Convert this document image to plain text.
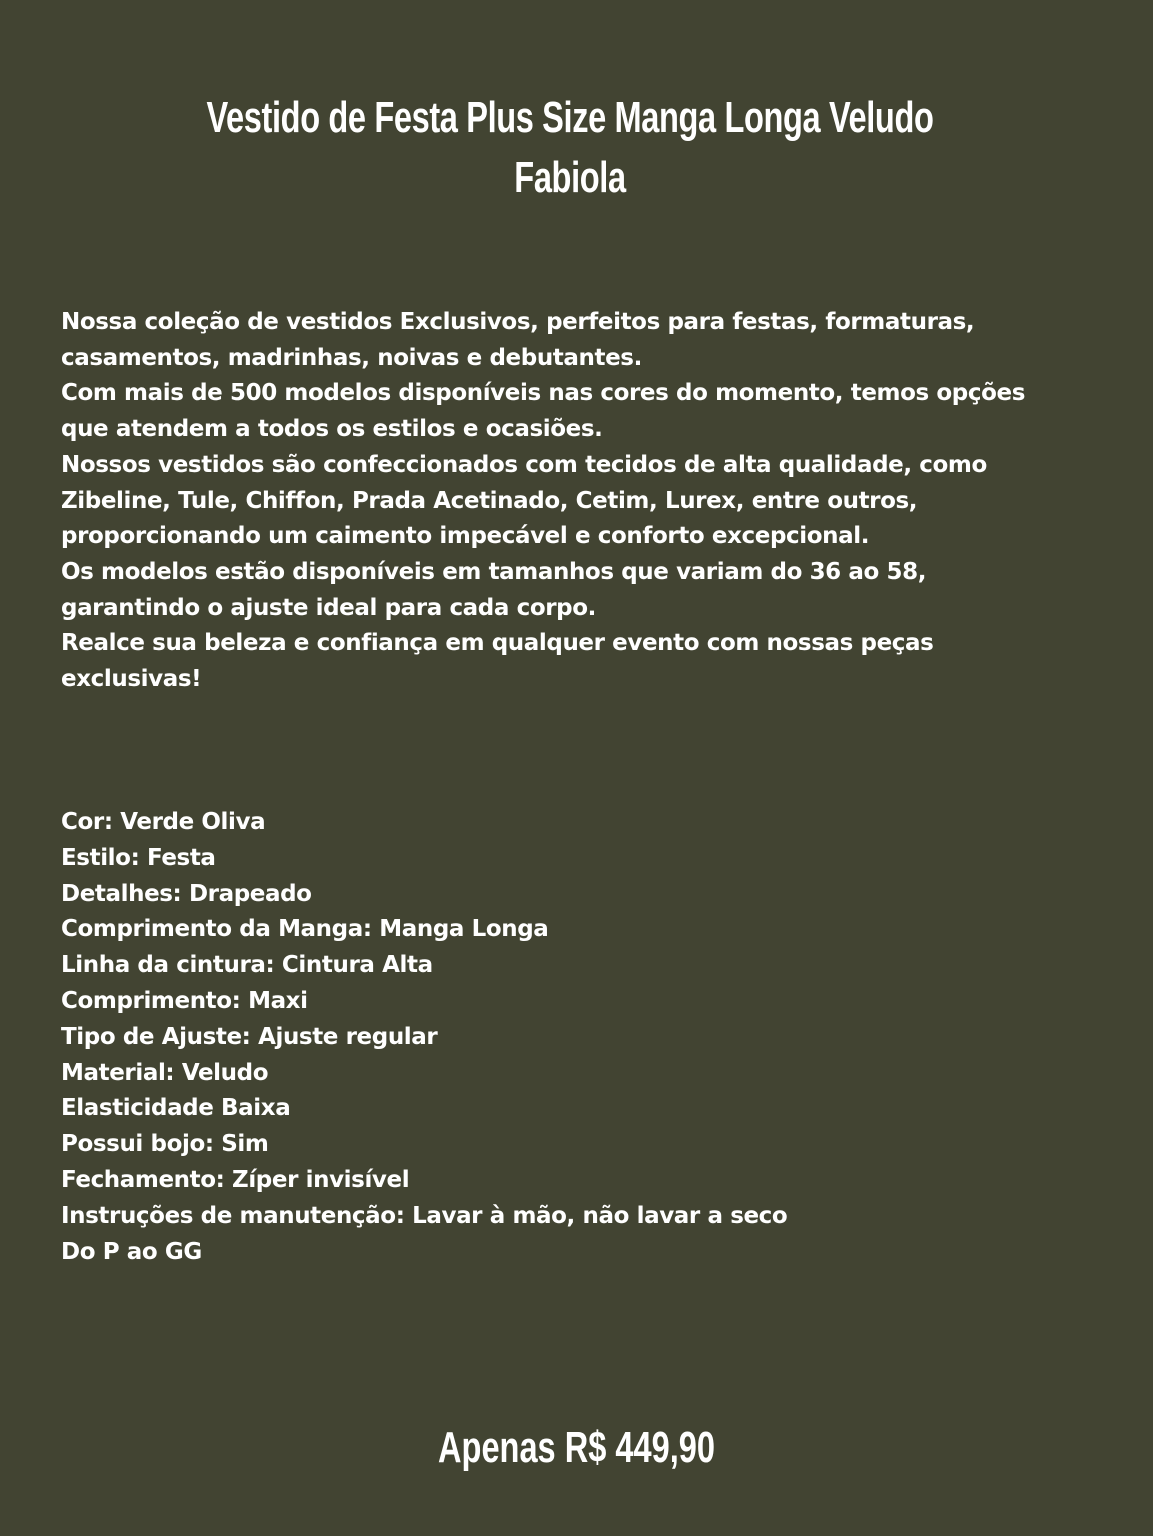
Vestido de Festa Plus Size Manga Longa Veludo Fabiola

Nossa coleção de vestidos Exclusivos, perfeitos para festas, formaturas, casamentos, madrinhas, noivas e debutantes.

Com mais de 500 modelos disponíveis nas cores do momento, temos opções que atendem a todos os estilos e ocasiões.

Nossos vestidos são confeccionados com tecidos de alta qualidade, como Zibeline, Tule, Chiffon, Prada Acetinado, Cetim, Lurex, entre outros, proporcionando um caimento impecável e conforto excepcional.

Os modelos estão disponíveis em tamanhos que variam do 36 ao 58, garantindo o ajuste ideal para cada corpo.

Realce sua beleza e confiança em qualquer evento com nossas peças exclusivas!

Cor: Verde Oliva
Estilo: Festa
Detalhes: Drapeado
Comprimento da Manga: Manga Longa
Linha da cintura: Cintura Alta
Comprimento: Maxi
Tipo de Ajuste: Ajuste regular
Material: Veludo
Elasticidade Baixa
Possui bojo: Sim
Fechamento: Zíper invisível
Instruções de manutenção: Lavar à mão, não lavar a seco
Do P ao GG
Apenas R$ 449,90
